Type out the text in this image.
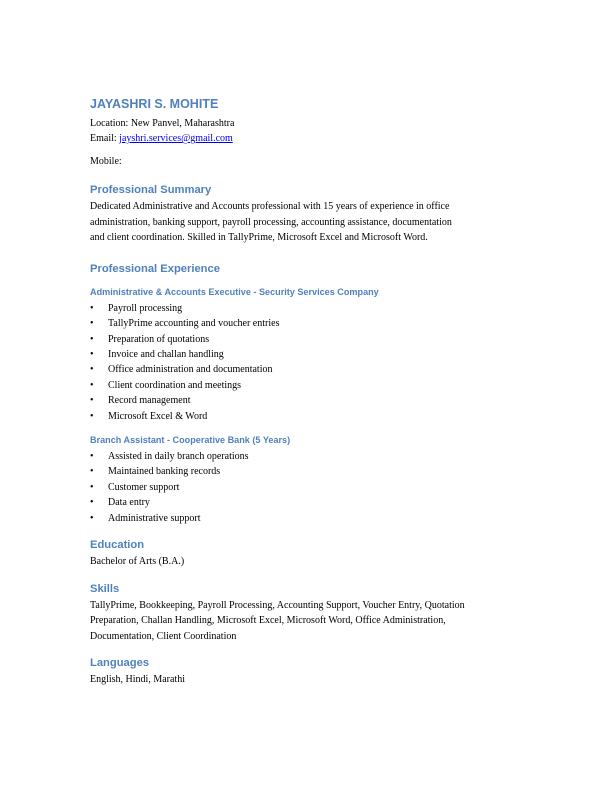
JAYASHRI S. MOHITE

Location: New Panvel, Maharashtra

Email: jayshri.services@gmail.com

Mobile:

Professional Summary

Dedicated Administrative and Accounts professional with 15 years of experience in office

administration, banking support, payroll processing, accounting assistance, documentation

and client coordination. Skilled in TallyPrime, Microsoft Excel and Microsoft Word.

Professional Experience
Administrative & Accounts Executive - Security Services Company
• Payroll processing
• TallyPrime accounting and voucher entries
• Preparation of quotations
• Invoice and challan handling
• Office administration and documentation
• Client coordination and meetings
• Record management
• Microsoft Excel & Word
Branch Assistant - Cooperative Bank (5 Years)
• Assisted in daily branch operations
• Maintained banking records
• Customer support
• Data entry
• Administrative support
Education

Bachelor of Arts (B.A.)

Skills

TallyPrime, Bookkeeping, Payroll Processing, Accounting Support, Voucher Entry, Quotation

Preparation, Challan Handling, Microsoft Excel, Microsoft Word, Office Administration,

Documentation, Client Coordination

Languages

English, Hindi, Marathi
